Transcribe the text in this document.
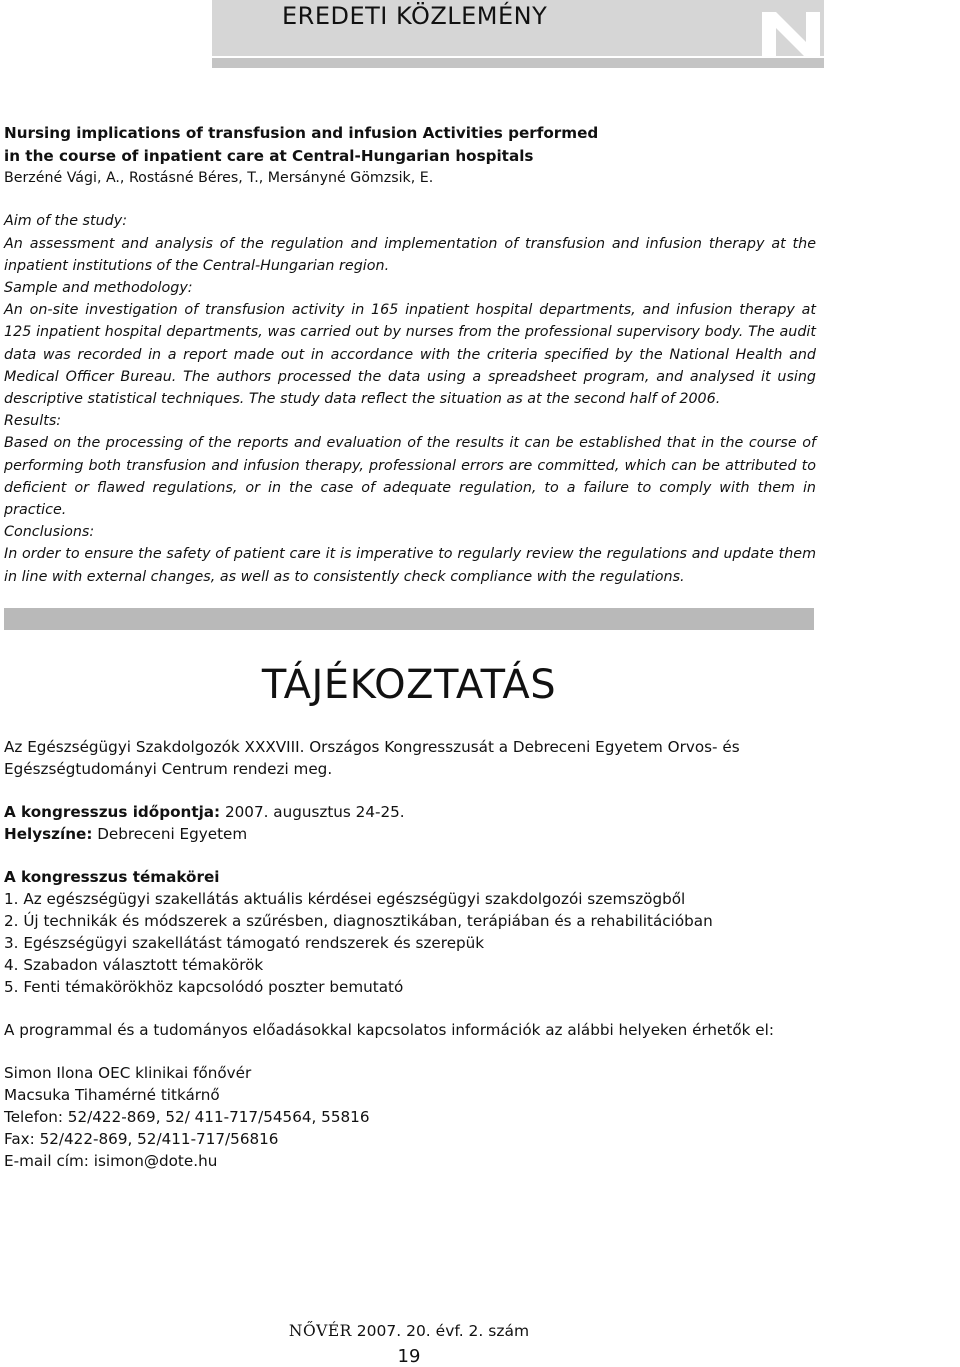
EREDETI KÖZLEMÉNY
Nursing implications of transfusion and infusion Activities performed
in the course of inpatient care at Central-Hungarian hospitals
Berzéné Vági, A., Rostásné Béres, T., Mersányné Gömzsik, E.
Aim of the study:
An assessment and analysis of the regulation and implementation of transfusion and infusion therapy at the inpatient institutions of the Central-Hungarian region.
Sample and methodology:
An on-site investigation of transfusion activity in 165 inpatient hospital departments, and infusion therapy at 125 inpatient hospital departments, was carried out by nurses from the professional supervisory body. The audit data was recorded in a report made out in accordance with the criteria specified by the National Health and Medical Officer Bureau. The authors processed the data using a spreadsheet program, and analysed it using descriptive statistical techniques. The study data reflect the situation as at the second half of 2006.
Results:
Based on the processing of the reports and evaluation of the results it can be established that in the course of performing both transfusion and infusion therapy, professional errors are committed, which can be attributed to deficient or flawed regulations, or in the case of adequate regulation, to a failure to comply with them in practice.
Conclusions:
In order to ensure the safety of patient care it is imperative to regularly review the regulations and update them in line with external changes, as well as to consistently check compliance with the regulations.
TÁJÉKOZTATÁS

Az Egészségügyi Szakdolgozók XXXVIII. Országos Kongresszusát a Debreceni Egyetem Orvos- és Egészségtudományi Centrum rendezi meg.

A kongresszus időpontja: 2007. augusztus 24-25.

Helyszíne: Debreceni Egyetem

A kongresszus témakörei

1. Az egészségügyi szakellátás aktuális kérdései egészségügyi szakdolgozói szemszögből

2. Új technikák és módszerek a szűrésben, diagnosztikában, terápiában és a rehabilitációban

3. Egészségügyi szakellátást támogató rendszerek és szerepük

4. Szabadon választott témakörök

5. Fenti témakörökhöz kapcsolódó poszter bemutató

A programmal és a tudományos előadásokkal kapcsolatos információk az alábbi helyeken érhetők el:

Simon Ilona OEC klinikai főnővér

Macsuka Tihamérné titkárnő

Telefon: 52/422-869, 52/ 411-717/54564, 55816

Fax: 52/422-869, 52/411-717/56816

E-mail cím: isimon@dote.hu

NŐVÉR 2007. 20. évf. 2. szám
19
